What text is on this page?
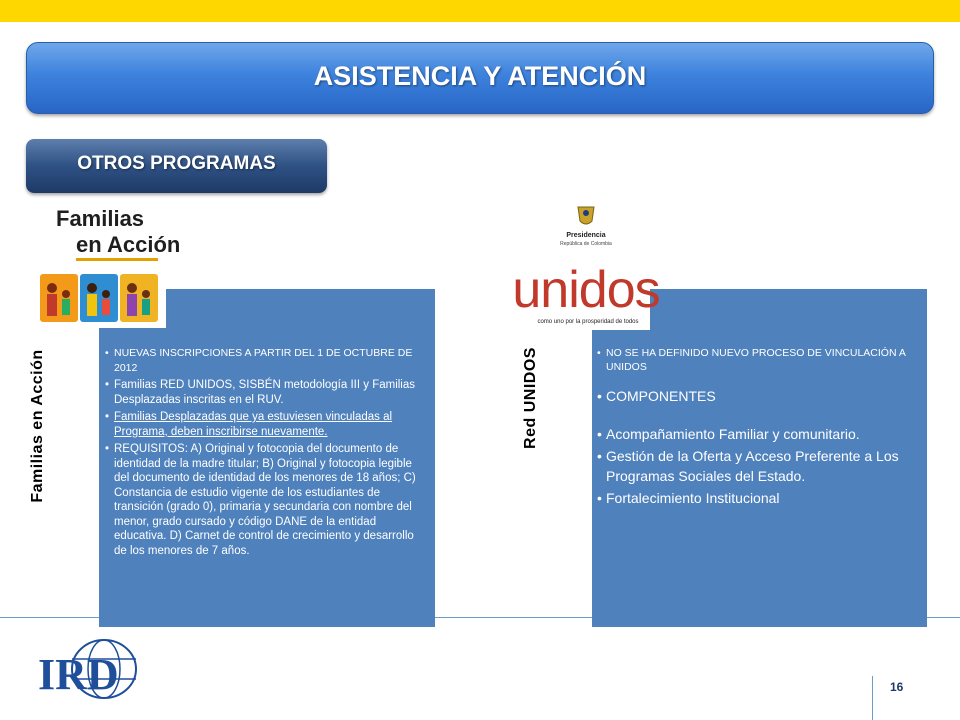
ASISTENCIA Y ATENCIÓN
OTROS PROGRAMAS
• NUEVAS INSCRIPCIONES A PARTIR DEL 1 DE OCTUBRE DE 2012
• Familias RED UNIDOS, SISBÉN metodología III y Familias Desplazadas inscritas en el RUV.
• Familias Desplazadas que ya estuviesen vinculadas al Programa, deben inscribirse nuevamente.
• REQUISITOS: A) Original y fotocopia del documento de identidad de la madre titular; B) Original y fotocopia legible del documento de identidad de los menores de 18 años; C) Constancia de estudio vigente de los estudiantes de transición (grado 0), primaria y secundaria con nombre del menor, grado cursado y código DANE de la entidad educativa. D) Carnet de control de crecimiento y desarrollo de los menores de 7 años.
Familias en Acción
Familias
en Acción
• NO SE HA DEFINIDO NUEVO PROCESO DE VINCULACIÓN A UNIDOS
• COMPONENTES
• Acompañamiento Familiar y comunitario.
• Gestión de la Oferta y Acceso Preferente a Los Programas Sociales del Estado.
• Fortalecimiento Institucional
Red UNIDOS
Presidencia
República de Colombia
unidos
como uno por la prosperidad de todos
IRD	16
